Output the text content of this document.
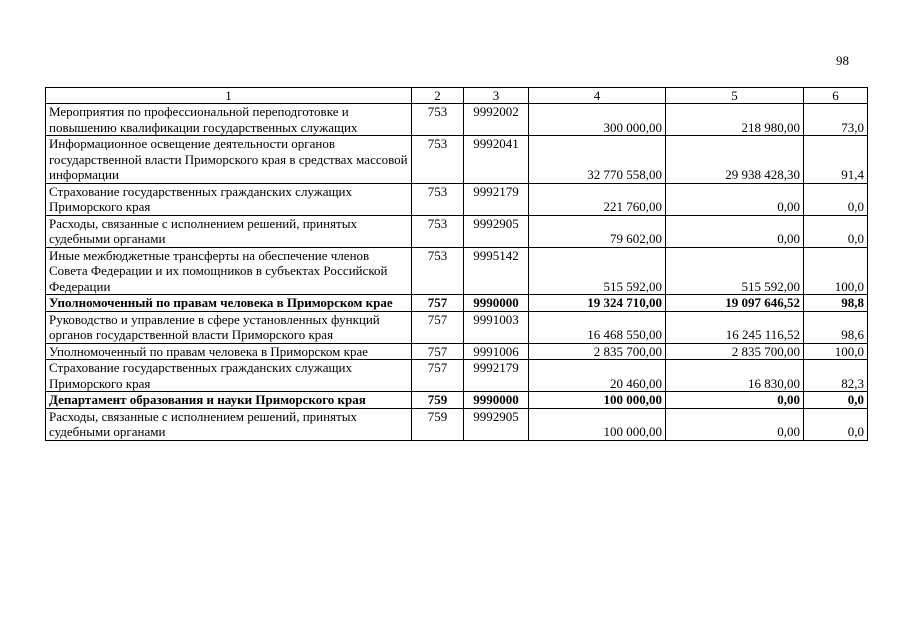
98
1	2	3	4	5	6
Мероприятия по профессиональной переподготовке и повышению квалификации государственных служащих	753	9992002	300 000,00	218 980,00	73,0
Информационное освещение деятельности органов государственной власти Приморского края в средствах массовой информации	753	9992041	32 770 558,00	29 938 428,30	91,4
Страхование государственных гражданских служащих Приморского края	753	9992179	221 760,00	0,00	0,0
Расходы, связанные с исполнением решений, принятых судебными органами	753	9992905	79 602,00	0,00	0,0
Иные межбюджетные трансферты на обеспечение членов Совета Федерации и их помощников в субъектах Российской Федерации	753	9995142	515 592,00	515 592,00	100,0
Уполномоченный по правам человека в Приморском крае	757	9990000	19 324 710,00	19 097 646,52	98,8
Руководство и управление в сфере установленных функций органов государственной власти Приморского края	757	9991003	16 468 550,00	16 245 116,52	98,6
Уполномоченный по правам человека в Приморском крае	757	9991006	2 835 700,00	2 835 700,00	100,0
Страхование государственных гражданских служащих Приморского края	757	9992179	20 460,00	16 830,00	82,3
Департамент образования и науки Приморского края	759	9990000	100 000,00	0,00	0,0
Расходы, связанные с исполнением решений, принятых судебными органами	759	9992905	100 000,00	0,00	0,0
